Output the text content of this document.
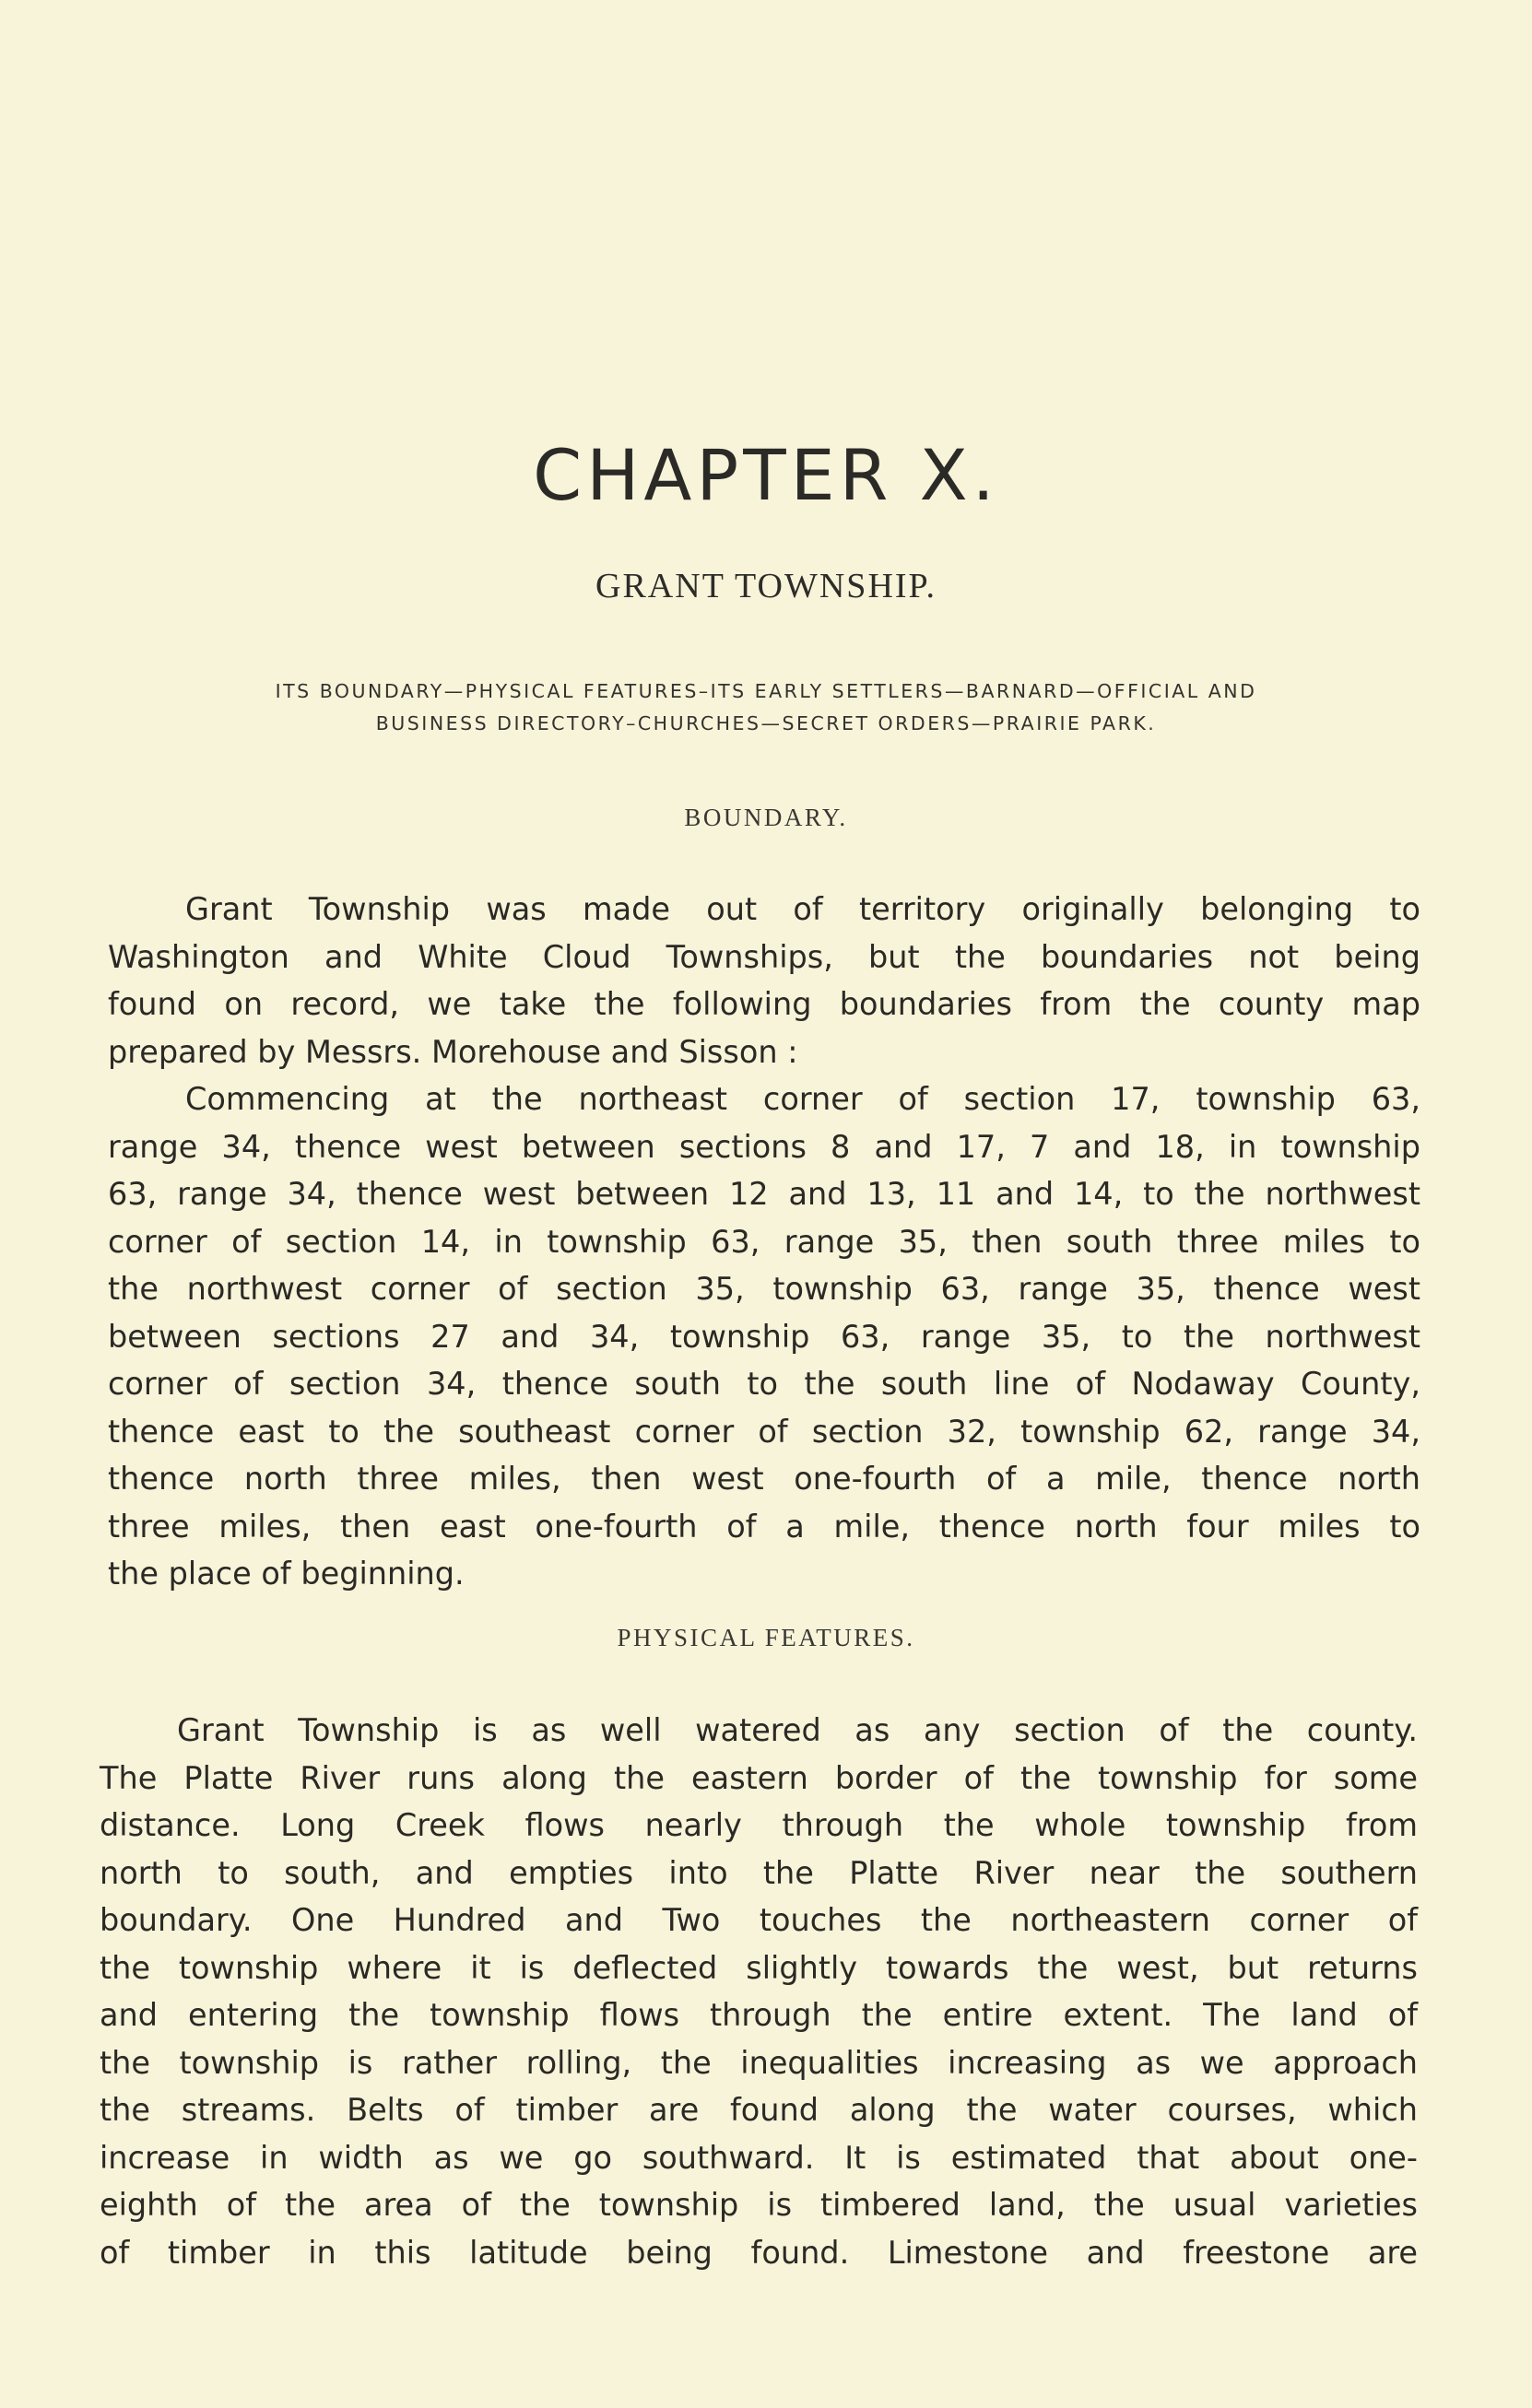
CHAPTER X.
GRANT TOWNSHIP.
ITS BOUNDARY—PHYSICAL FEATURES–ITS EARLY SETTLERS—BARNARD—OFFICIAL AND
BUSINESS DIRECTORY–CHURCHES—SECRET ORDERS—PRAIRIE PARK.
BOUNDARY.
Grant Township was made out of territory originally belonging to
Washington and White Cloud Townships, but the boundaries not being
found on record, we take the following boundaries from the county map
prepared by Messrs. Morehouse and Sisson :
Commencing at the northeast corner of section 17, township 63,
range 34, thence west between sections 8 and 17, 7 and 18, in township
63, range 34, thence west between 12 and 13, 11 and 14, to the northwest
corner of section 14, in township 63, range 35, then south three miles to
the northwest corner of section 35, township 63, range 35, thence west
between sections 27 and 34, township 63, range 35, to the northwest
corner of section 34, thence south to the south line of Nodaway County,
thence east to the southeast corner of section 32, township 62, range 34,
thence north three miles, then west one-fourth of a mile, thence north
three miles, then east one-fourth of a mile, thence north four miles to
the place of beginning.
PHYSICAL FEATURES.
Grant Township is as well watered as any section of the county.
The Platte River runs along the eastern border of the township for some
distance. Long Creek flows nearly through the whole township from
north to south, and empties into the Platte River near the southern
boundary. One Hundred and Two touches the northeastern corner of
the township where it is deflected slightly towards the west, but returns
and entering the township flows through the entire extent. The land of
the township is rather rolling, the inequalities increasing as we approach
the streams. Belts of timber are found along the water courses, which
increase in width as we go southward. It is estimated that about one-
eighth of the area of the township is timbered land, the usual varieties
of timber in this latitude being found. Limestone and freestone are
